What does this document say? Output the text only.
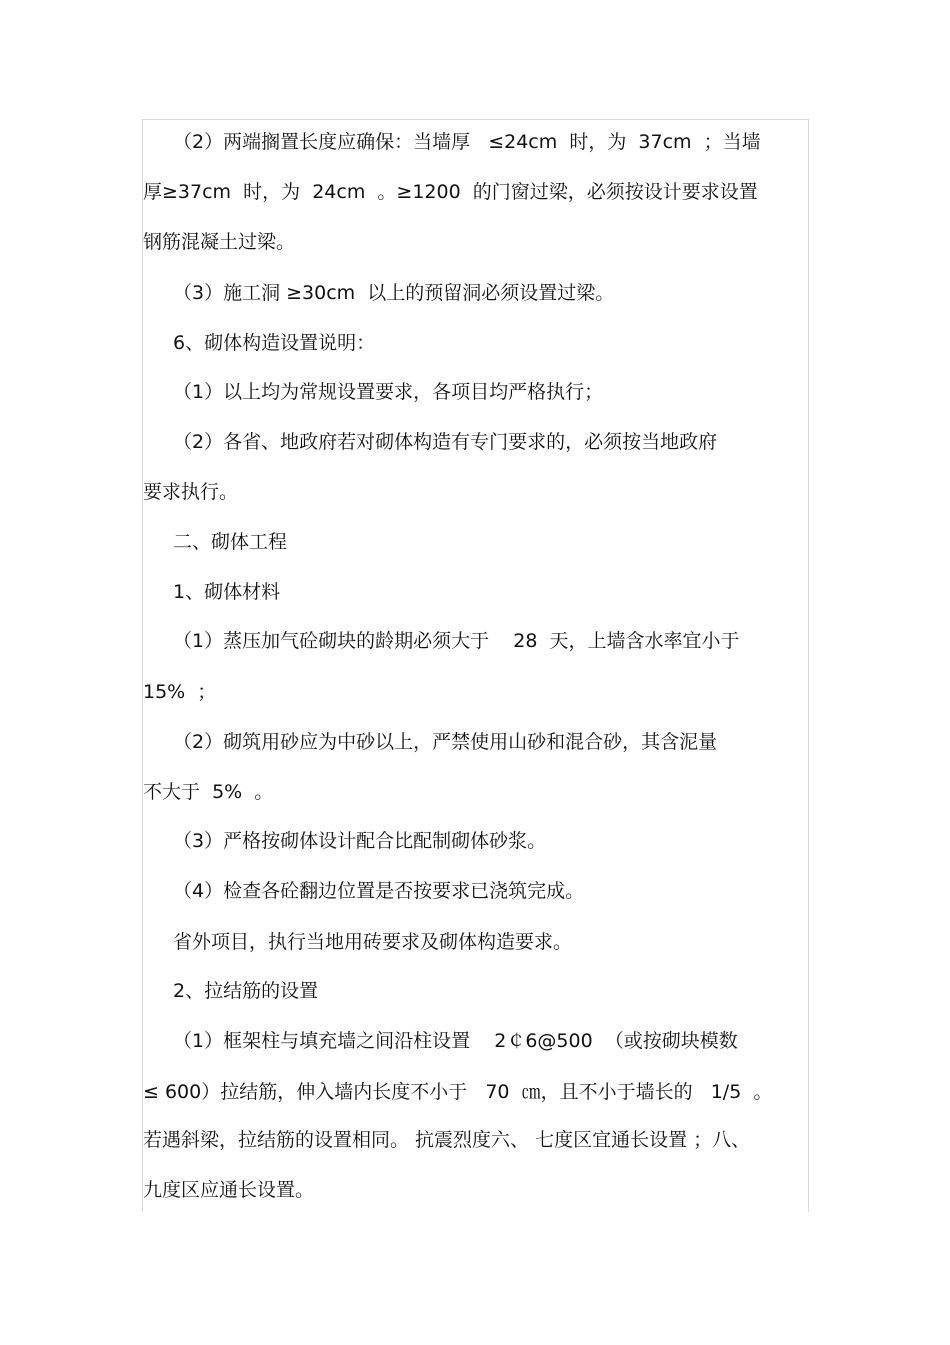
（2）两端搁置长度应确保：当墙厚   ≤24cm  时，为  37cm  ；当墙
厚≥37cm  时，为  24cm  。≥1200  的门窗过梁，必须按设计要求设置
钢筋混凝土过梁。
（3）施工洞 ≥30cm  以上的预留洞必须设置过梁。
6、砌体构造设置说明：
（1）以上均为常规设置要求，各项目均严格执行；
（2）各省、地政府若对砌体构造有专门要求的，必须按当地政府
要求执行。
二、砌体工程
1、砌体材料
（1）蒸压加气砼砌块的龄期必须大于    28  天，上墙含水率宜小于
15%  ；
（2）砌筑用砂应为中砂以上，严禁使用山砂和混合砂，其含泥量
不大于  5%  。
（3）严格按砌体设计配合比配制砌体砂浆。
（4）检查各砼翻边位置是否按要求已浇筑完成。
省外项目，执行当地用砖要求及砌体构造要求。
2、拉结筋的设置
（1）框架柱与填充墙之间沿柱设置    2￠6@500  （或按砌块模数
≤ 600）拉结筋，伸入墙内长度不小于   70  ㎝，且不小于墙长的   1/5  。
若遇斜梁，拉结筋的设置相同。 抗震烈度六、 七度区宜通长设置 ；八、
九度区应通长设置。
